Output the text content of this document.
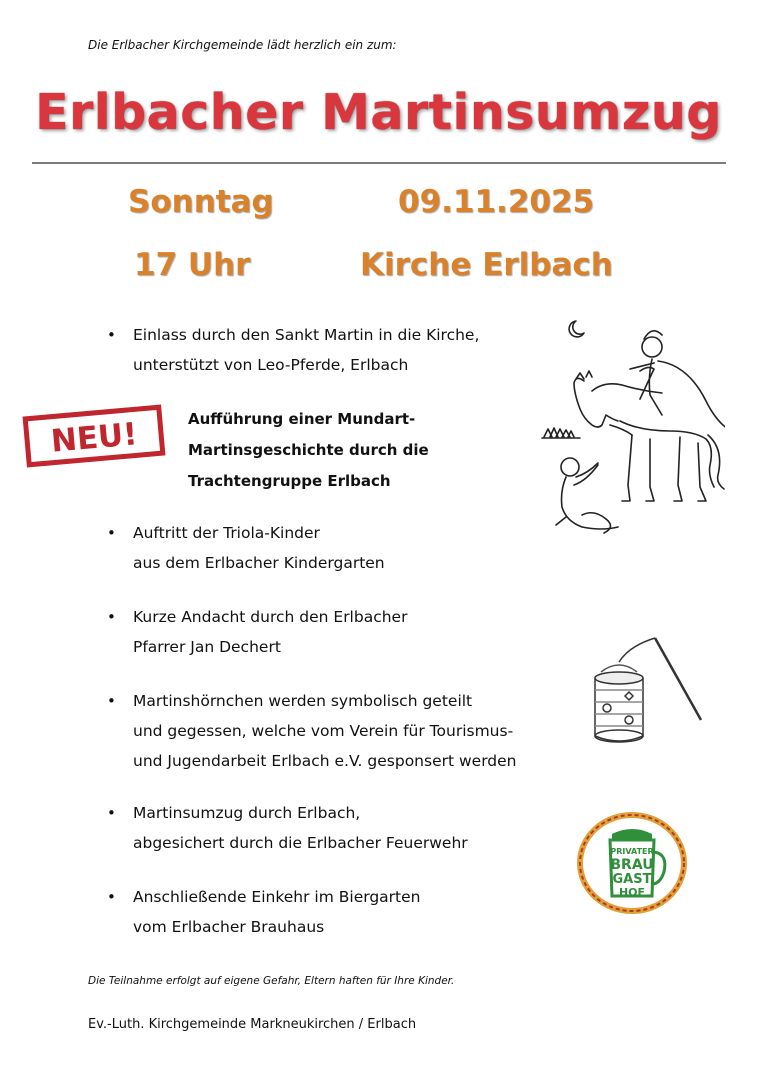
Die Erlbacher Kirchgemeinde lädt herzlich ein zum:
Erlbacher Martinsumzug
Sonntag	09.11.2025
17 Uhr	Kirche Erlbach
• Einlass durch den Sankt Martin in die Kirche,
unterstützt von Leo-Pferde, Erlbach
NEU!	Aufführung einer Mundart-
Martinsgeschichte durch die
Trachtengruppe Erlbach
• Auftritt der Triola-Kinder
aus dem Erlbacher Kindergarten
• Kurze Andacht durch den Erlbacher
Pfarrer Jan Dechert
• Martinshörnchen werden symbolisch geteilt
und gegessen, welche vom Verein für Tourismus-
und Jugendarbeit Erlbach e.V. gesponsert werden
• Martinsumzug durch Erlbach,
abgesichert durch die Erlbacher Feuerwehr
• Anschließende Einkehr im Biergarten
vom Erlbacher Brauhaus
PRIVATER
BRAU
GAST
HOF
Die Teilnahme erfolgt auf eigene Gefahr, Eltern haften für Ihre Kinder.
Ev.-Luth. Kirchgemeinde Markneukirchen / Erlbach
